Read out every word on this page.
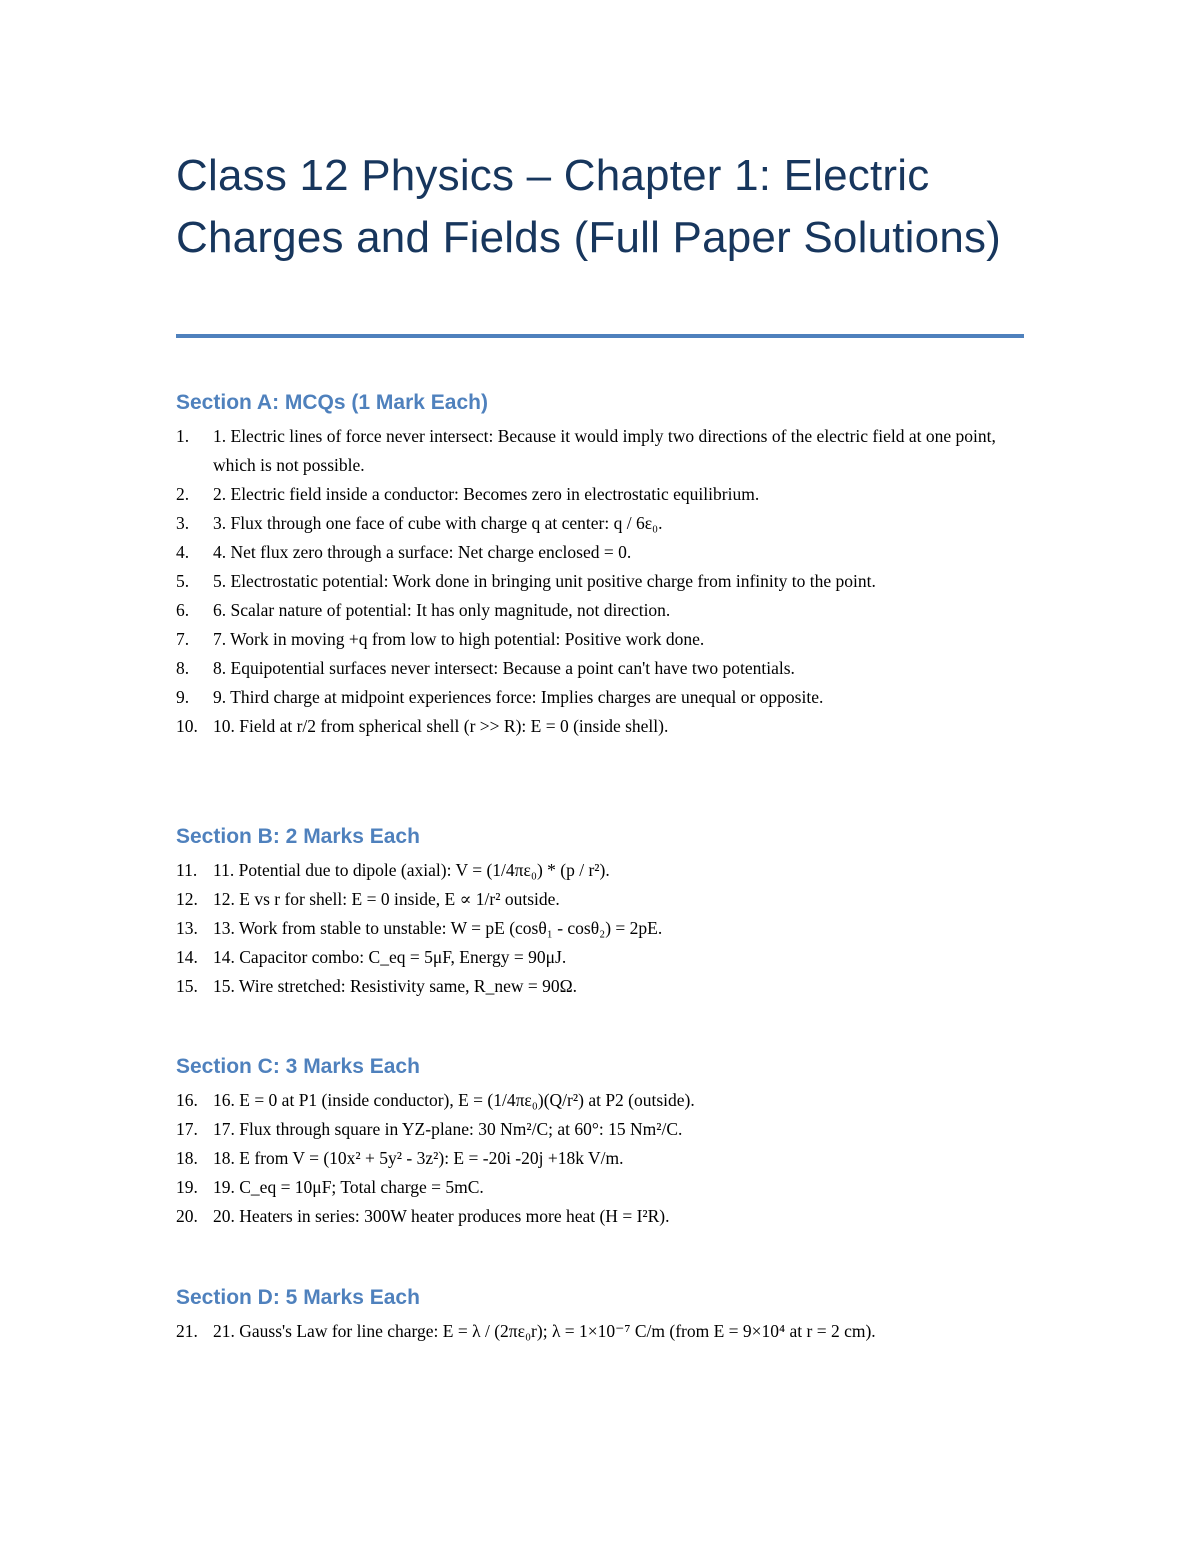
Class 12 Physics – Chapter 1: Electric Charges and Fields (Full Paper Solutions)
Section A: MCQs (1 Mark Each)
1. 1. Electric lines of force never intersect: Because it would imply two directions of the electric field at one point, which is not possible.
2. 2. Electric field inside a conductor: Becomes zero in electrostatic equilibrium.
3. 3. Flux through one face of cube with charge q at center: q / 6ε₀.
4. 4. Net flux zero through a surface: Net charge enclosed = 0.
5. 5. Electrostatic potential: Work done in bringing unit positive charge from infinity to the point.
6. 6. Scalar nature of potential: It has only magnitude, not direction.
7. 7. Work in moving +q from low to high potential: Positive work done.
8. 8. Equipotential surfaces never intersect: Because a point can't have two potentials.
9. 9. Third charge at midpoint experiences force: Implies charges are unequal or opposite.
10. 10. Field at r/2 from spherical shell (r >> R): E = 0 (inside shell).
Section B: 2 Marks Each
11. 11. Potential due to dipole (axial): V = (1/4πε₀) * (p / r²).
12. 12. E vs r for shell: E = 0 inside, E ∝ 1/r² outside.
13. 13. Work from stable to unstable: W = pE (cosθ₁ - cosθ₂) = 2pE.
14. 14. Capacitor combo: C_eq = 5μF, Energy = 90μJ.
15. 15. Wire stretched: Resistivity same, R_new = 90Ω.
Section C: 3 Marks Each
16. 16. E = 0 at P1 (inside conductor), E = (1/4πε₀)(Q/r²) at P2 (outside).
17. 17. Flux through square in YZ-plane: 30 Nm²/C; at 60°: 15 Nm²/C.
18. 18. E from V = (10x² + 5y² - 3z²): E = -20i -20j +18k V/m.
19. 19. C_eq = 10μF; Total charge = 5mC.
20. 20. Heaters in series: 300W heater produces more heat (H = I²R).
Section D: 5 Marks Each
21. 21. Gauss's Law for line charge: E = λ / (2πε₀r); λ = 1×10⁻⁷ C/m (from E = 9×10⁴ at r = 2 cm).
